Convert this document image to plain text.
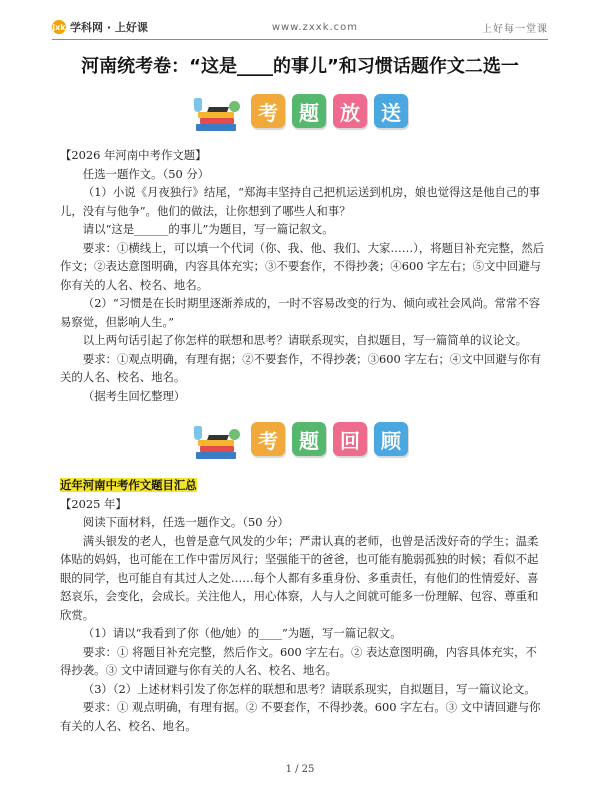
jxk 学科网 · 上好课	www.zxxk.com	上好每一堂课
河南统考卷：“这是____的事儿”和习惯话题作文二选一
考	题	放	送

【2026 年河南中考作文题】

任选一题作文。（50 分）

（1）小说《月夜独行》结尾，“郑海丰坚持自己把机运送到机房，娘也觉得这是他自己的事儿，没有与他争”。他们的做法，让你想到了哪些人和事？

请以“这是______的事儿”为题目，写一篇记叙文。

要求：①横线上，可以填一个代词（你、我、他、我们、大家……），将题目补充完整，然后作文；②表达意图明确，内容具体充实；③不要套作，不得抄袭；④600 字左右；⑤文中回避与你有关的人名、校名、地名。

（2）“习惯是在长时期里逐渐养成的，一时不容易改变的行为、倾向或社会风尚。常常不容易察觉，但影响人生。”

以上两句话引起了你怎样的联想和思考？请联系现实，自拟题目，写一篇简单的议论文。

要求：①观点明确，有理有据；②不要套作，不得抄袭；③600 字左右；④文中回避与你有关的人名、校名、地名。

（据考生回忆整理）

考	题	回	顾

近年河南中考作文题目汇总

【2025 年】

阅读下面材料，任选一题作文。（50 分）

满头银发的老人，也曾是意气风发的少年；严肃认真的老师，也曾是活泼好奇的学生；温柔体贴的妈妈，也可能在工作中雷厉风行；坚强能干的爸爸，也可能有脆弱孤独的时候；看似不起眼的同学，也可能自有其过人之处……每个人都有多重身份、多重责任，有他们的性情爱好、喜怒哀乐，会变化，会成长。关注他人，用心体察，人与人之间就可能多一份理解、包容、尊重和欣赏。

（1）请以“我看到了你（他/她）的____”为题，写一篇记叙文。

要求：① 将题目补充完整，然后作文。600 字左右。② 表达意图明确，内容具体充实，不得抄袭。③ 文中请回避与你有关的人名、校名、地名。

（3）（2）上述材料引发了你怎样的联想和思考？请联系现实，自拟题目，写一篇议论文。

要求：① 观点明确，有理有据。② 不要套作，不得抄袭。600 字左右。③ 文中请回避与你有关的人名、校名、地名。

1 / 25
